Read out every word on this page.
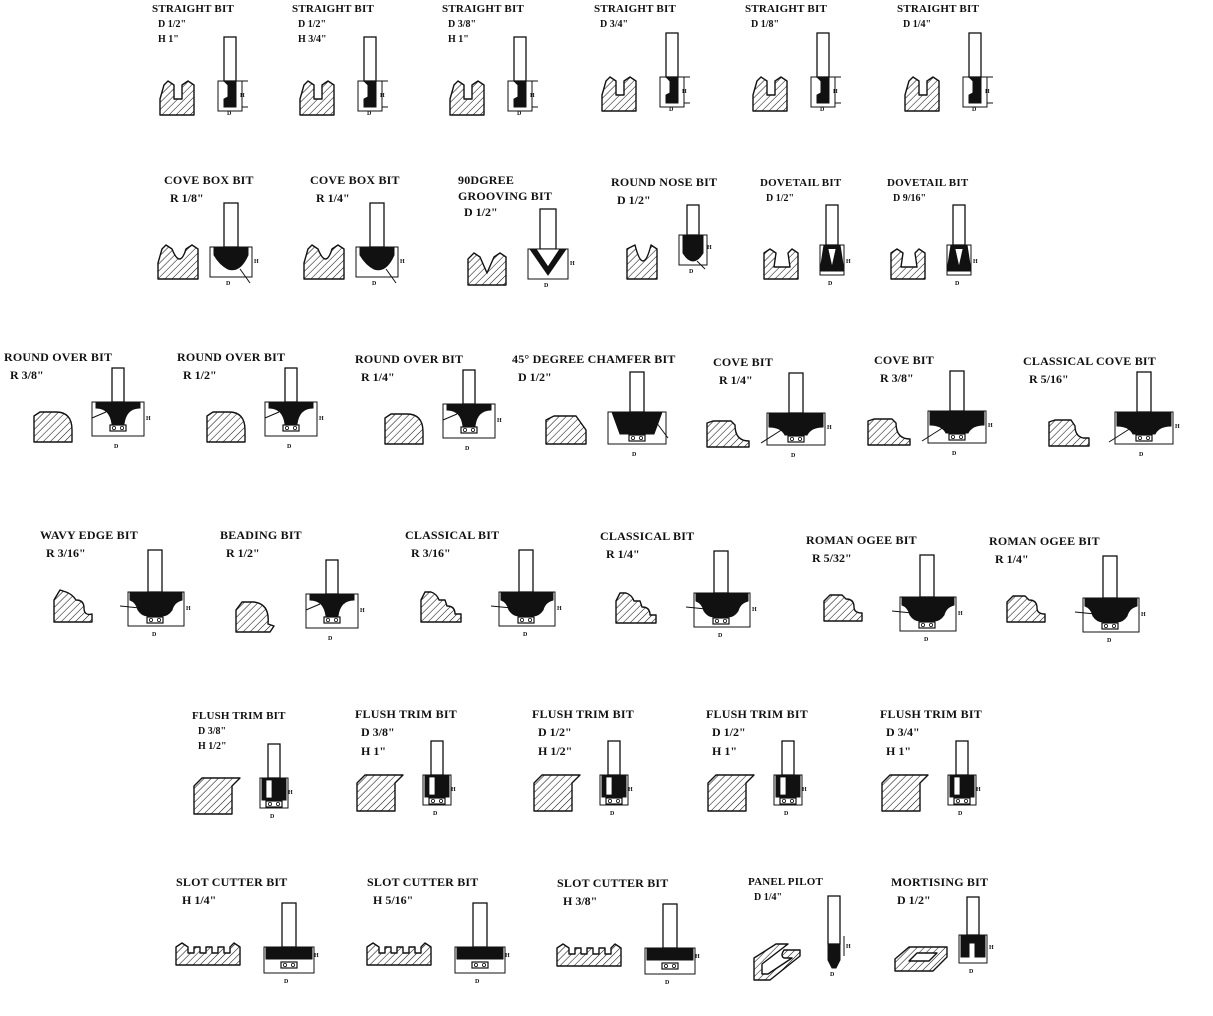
STRAIGHT BIT
D 1/2"
H 1"
H
D
STRAIGHT BIT
D 1/2"
H 3/4"
H
D
STRAIGHT BIT
D 3/8"
H 1"
H
D
STRAIGHT BIT
D 3/4"
H
D
STRAIGHT BIT
D 1/8"
H
D
STRAIGHT BIT
D 1/4"
H
D
COVE BOX BIT
R 1/8"
H
D
COVE BOX BIT
R 1/4"
H
D
90DGREE
GROOVING BIT
D 1/2"
H
D
ROUND NOSE BIT
D 1/2"
H
D
DOVETAIL BIT
D 1/2"
H
D
DOVETAIL BIT
D 9/16"
H
D
ROUND OVER BIT
R 3/8"
H
D
ROUND OVER BIT
R 1/2"
H
D
ROUND OVER BIT
R 1/4"
H
D
45° DEGREE CHAMFER BIT
D 1/2"
D
COVE BIT
R 1/4"
H
D
COVE BIT
R 3/8"
H
D
CLASSICAL COVE BIT
R 5/16"
H
D
WAVY EDGE BIT
R 3/16"
H
D
BEADING BIT
R 1/2"
H
D
CLASSICAL BIT
R 3/16"
H
D
CLASSICAL BIT
R 1/4"
H
D
ROMAN OGEE BIT
R 5/32"
H
D
ROMAN OGEE BIT
R 1/4"
H
D
FLUSH TRIM BIT
D 3/8"
H 1/2"
H
D
FLUSH TRIM BIT
D 3/8"
H 1"
H
D
FLUSH TRIM BIT
D 1/2"
H 1/2"
H
D
FLUSH TRIM BIT
D 1/2"
H 1"
H
D
FLUSH TRIM BIT
D 3/4"
H 1"
H
D
SLOT CUTTER BIT
H 1/4"
H
D
SLOT CUTTER BIT
H 5/16"
H
D
SLOT CUTTER BIT
H 3/8"
H
D
PANEL PILOT
D 1/4"
H
D
MORTISING BIT
D 1/2"
H
D
